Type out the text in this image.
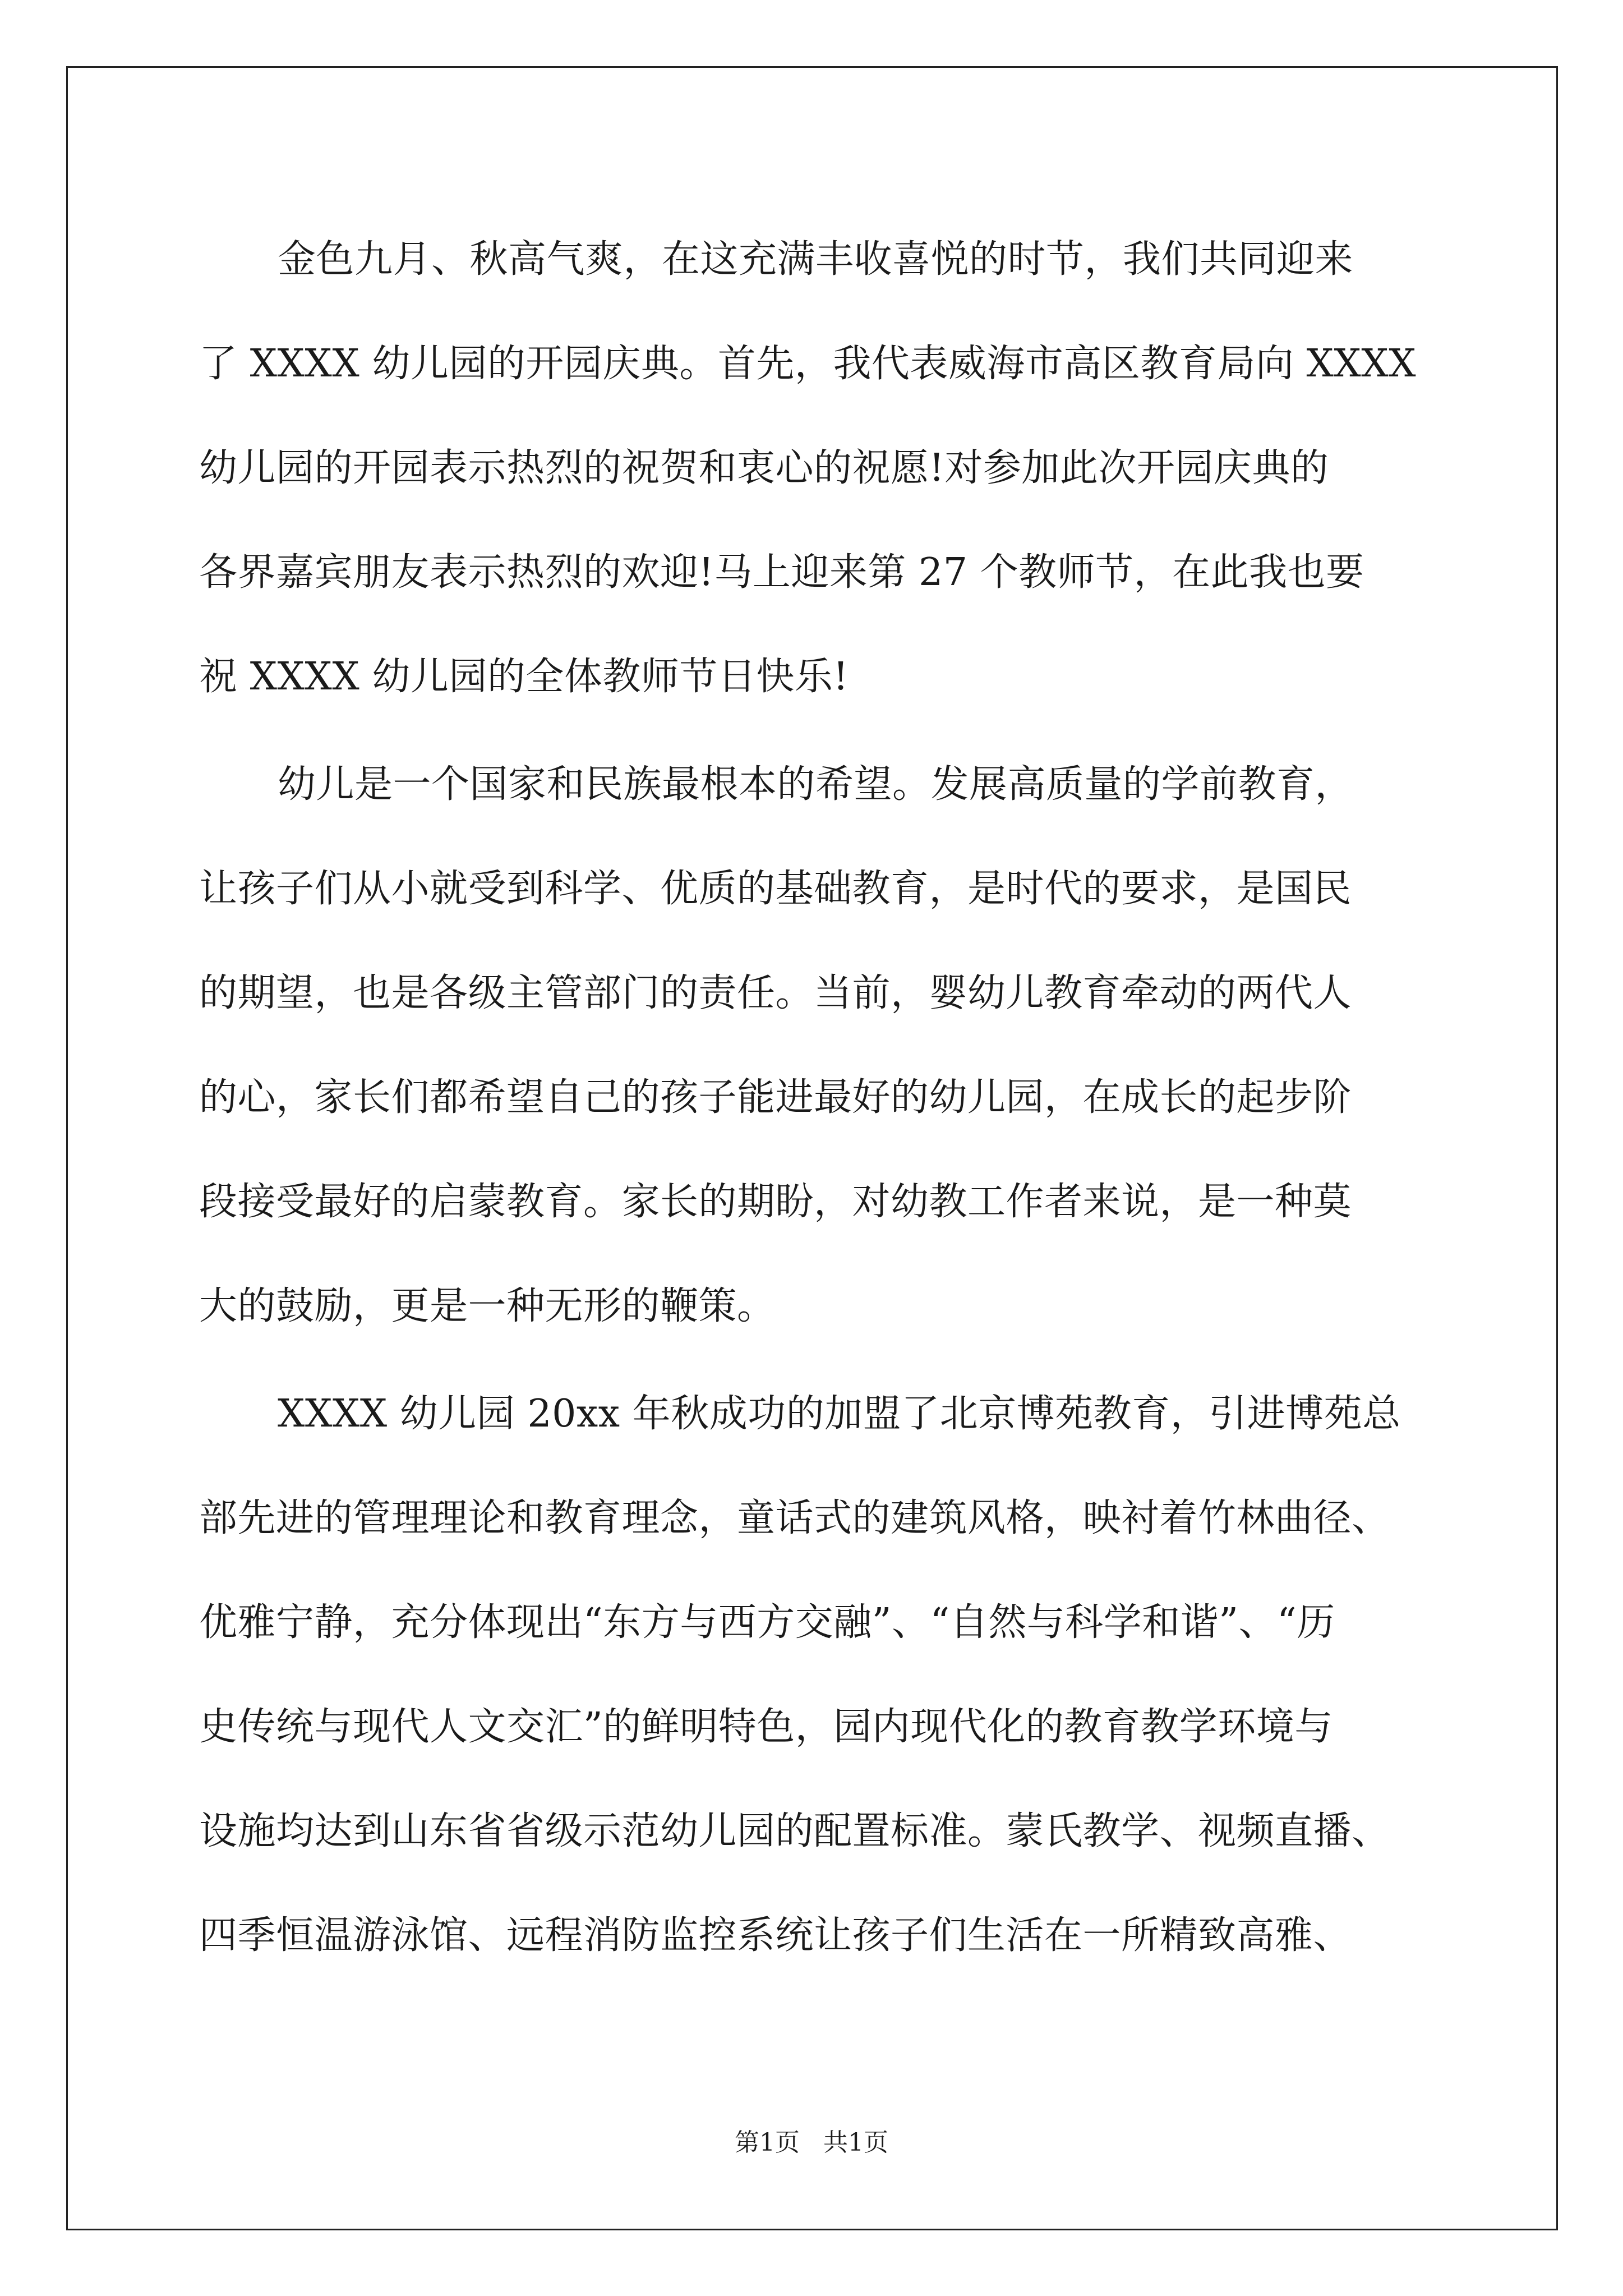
金色九月、秋高气爽，在这充满丰收喜悦的时节，我们共同迎来
了 XXXX 幼儿园的开园庆典。首先，我代表威海市高区教育局向 XXXX
幼儿园的开园表示热烈的祝贺和衷心的祝愿!对参加此次开园庆典的
各界嘉宾朋友表示热烈的欢迎!马上迎来第 27 个教师节，在此我也要
祝 XXXX 幼儿园的全体教师节日快乐!
幼儿是一个国家和民族最根本的希望。发展高质量的学前教育，
让孩子们从小就受到科学、优质的基础教育，是时代的要求，是国民
的期望，也是各级主管部门的责任。当前，婴幼儿教育牵动的两代人
的心，家长们都希望自己的孩子能进最好的幼儿园，在成长的起步阶
段接受最好的启蒙教育。家长的期盼，对幼教工作者来说，是一种莫
大的鼓励，更是一种无形的鞭策。
XXXX 幼儿园 20xx 年秋成功的加盟了北京博苑教育，引进博苑总
部先进的管理理论和教育理念，童话式的建筑风格，映衬着竹林曲径、
优雅宁静，充分体现出“东方与西方交融”、“自然与科学和谐”、“历
史传统与现代人文交汇”的鲜明特色，园内现代化的教育教学环境与
设施均达到山东省省级示范幼儿园的配置标准。蒙氏教学、视频直播、
四季恒温游泳馆、远程消防监控系统让孩子们生活在一所精致高雅、
第1页   共1页
